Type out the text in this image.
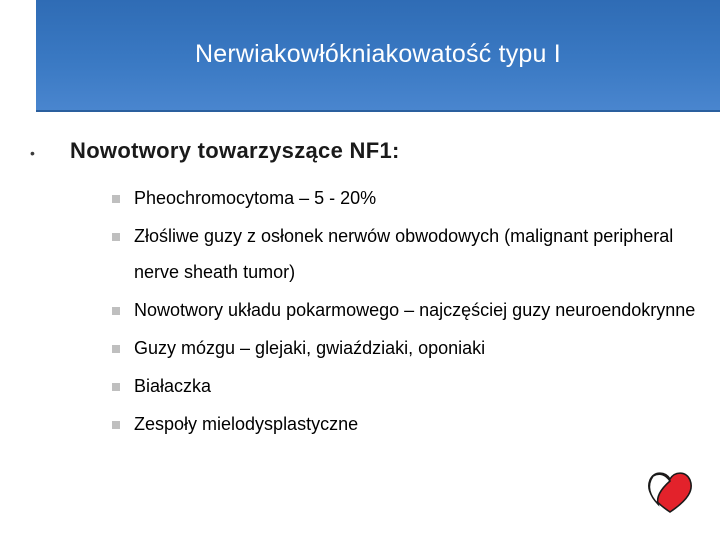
Nerwiakowłókniakowatość typu I
•	Nowotwory towarzyszące NF1:
Pheochromocytoma – 5 - 20%
Złośliwe guzy z osłonek nerwów obwodowych (malignant peripheral nerve sheath tumor)
Nowotwory układu pokarmowego – najczęściej guzy neuroendokrynne
Guzy mózgu – glejaki, gwiaździaki, oponiaki
Białaczka
Zespoły mielodysplastyczne
